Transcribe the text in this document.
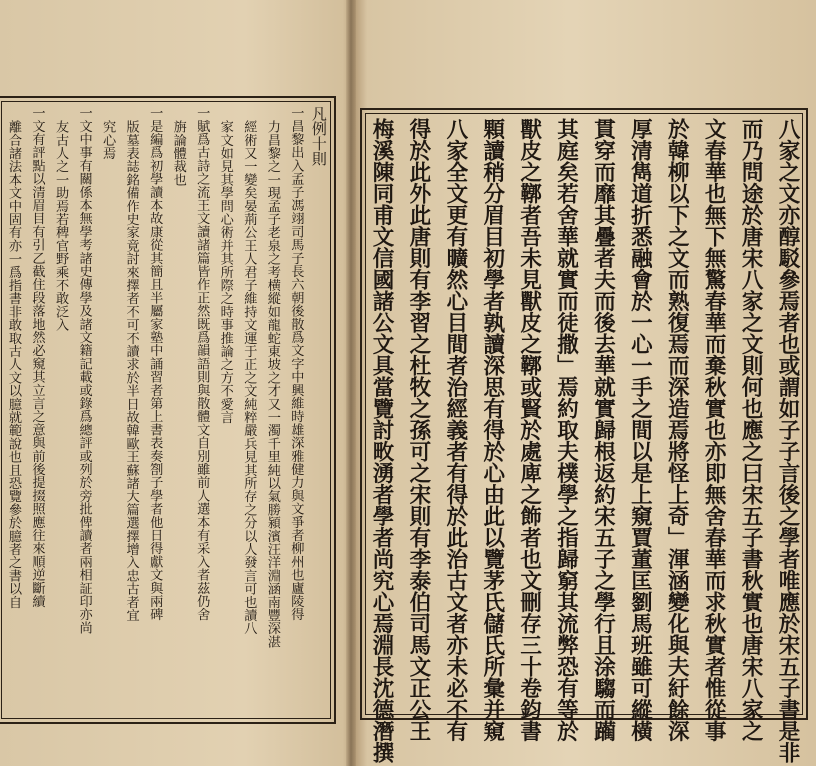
凡例十則
一昌黎出入孟子馮翊司馬子長六朝後散爲文字中興維時雄深雅健力與文爭者柳州也廬陵得
力昌黎之一現孟子老泉之考横縱如龍蛇東坡之才又一濁千里純以氣勝潁濱汪洋淵涵南豐深湛
經術又一變矣晏荊公王人君子維持文運于正之文純粹嚴兵見其所存之分以人發言可也讀八
家文如見其學問心術并其所際之時事推論之方不愛言
一賦爲古詩之流王文讀諸篇皆作正然既爲韻語則與散體文自別雖前人選本有采入者茲仍舍
旃論體裁也
一是編爲初學讀本故康從其簡且半屬家塾中誦習者第上書表奏劄子學者他日得獻文與兩碑
版墓表誌銘備作史家竟討來擇者不可不讀求於半日故韓歐王蘇諸大篇選擇增入忠古者宜
究心焉
一文中事有關係本無學考諸史傳學及諸文籍記載或錄爲總評或列於旁批俾讀者兩相証印亦尚
友古人之一助焉若稗官野乘不敢泛入
一文有評點以清眉目有引乙截住段落地然必窺其立言之意與前後提掇照應往來順逆斷續
離合諸法本文中固有亦一爲指書非敢取古人文以臆就範說也且恐覽參於臆者之書以自	八家之文亦醇駁參焉者也或謂如子子言後之學者唯應於宋五子書是非
而乃問途於唐宋八家之文則何也應之曰宋五子書秋實也唐宋八家之
文春華也無下無驚春華而棄秋實也亦即無舍春華而求秋實者惟從事
於韓柳以下之文而熟復焉而深造焉將怪上奇」渾涵變化與夫紆餘深
厚清雋道折悉融會於一心一手之間以是上窺賈董匡劉馬班雖可縱橫
貫穿而靡其疊者夫而後去華就實歸根返約宋五子之學行且涂騶而躏
其庭矣若舍華就實而徒撒」焉約取夫樸學之指歸窮其流弊恐有等於
獸皮之鞹者吾未見獸皮之鞹或賢於處庳之飾者也文刪存三十卷鈞書
顆讀稍分眉目初學者孰讀深思有得於心由此以覽茅氏儲氏所彙并窺
八家全文更有曠然心目間者治經義者有得於此治古文者亦未必不有
得於此外此唐則有李習之杜牧之孫可之宋則有李泰伯司馬文正公王
梅溪陳同甫文信國諸公文具當覽討畋湧者學者尚究心焉淵長沈德潛撰
